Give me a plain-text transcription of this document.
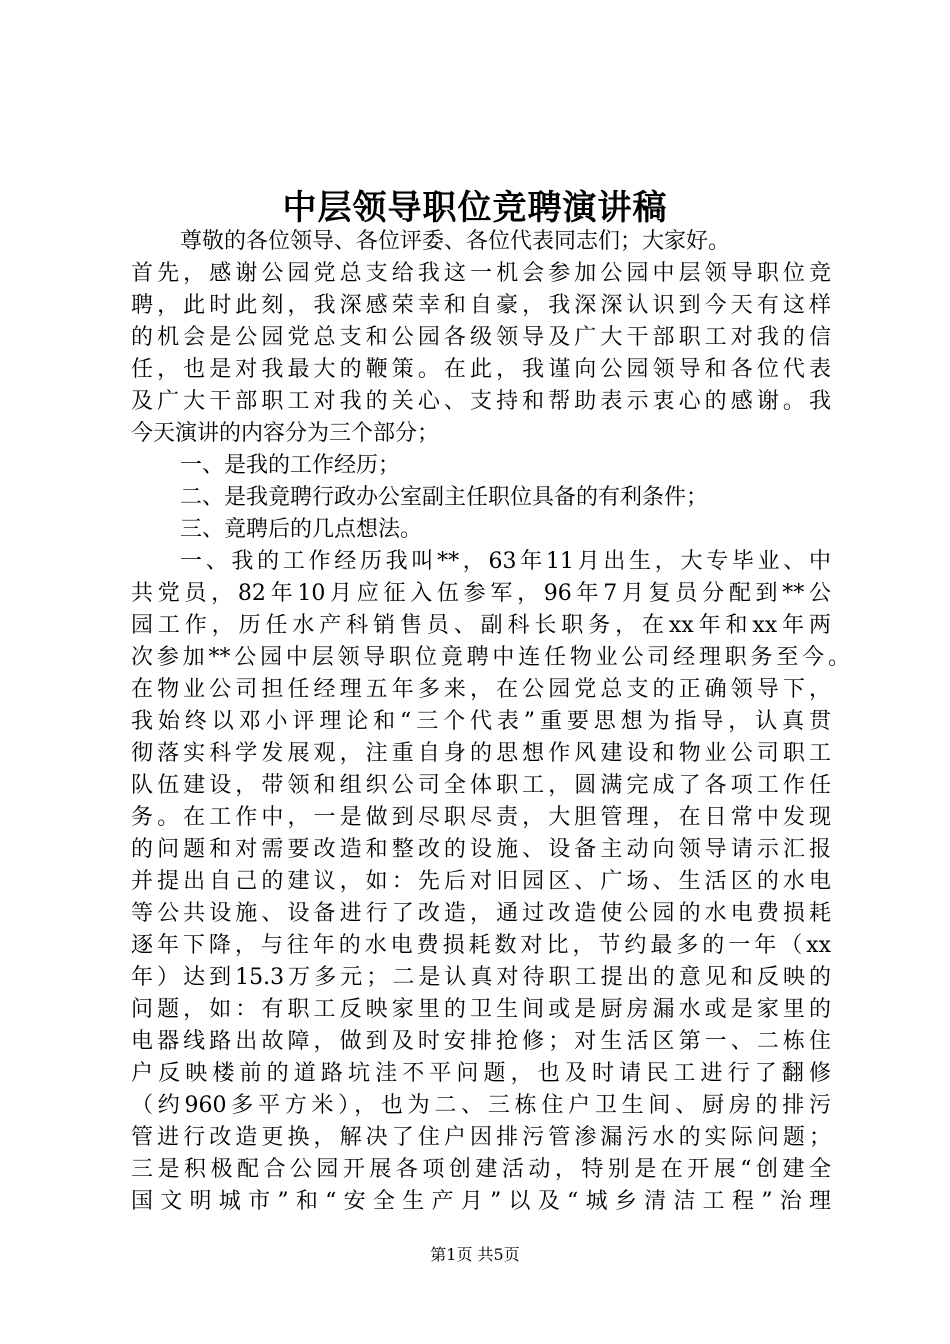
中层领导职位竞聘演讲稿
尊敬的各位领导、各位评委、各位代表同志们；大家好。
首先，感谢公园党总支给我这一机会参加公园中层领导职位竞
聘，此时此刻，我深感荣幸和自豪，我深深认识到今天有这样
的机会是公园党总支和公园各级领导及广大干部职工对我的信
任，也是对我最大的鞭策。在此，我谨向公园领导和各位代表
及广大干部职工对我的关心、支持和帮助表示衷心的感谢。我
今天演讲的内容分为三个部分；
一、是我的工作经历；
二、是我竟聘行政办公室副主任职位具备的有利条件；
三、竟聘后的几点想法。
一、我的工作经历我叫**，63年11月出生，大专毕业、中
共党员，82年10月应征入伍参军，96年7月复员分配到**公
园工作，历任水产科销售员、副科长职务，在xx年和xx年两
次参加**公园中层领导职位竟聘中连任物业公司经理职务至今。
在物业公司担任经理五年多来，在公园党总支的正确领导下，
我始终以邓小评理论和“三个代表”重要思想为指导，认真贯
彻落实科学发展观，注重自身的思想作风建设和物业公司职工
队伍建设，带领和组织公司全体职工，圆满完成了各项工作任
务。在工作中，一是做到尽职尽责，大胆管理，在日常中发现
的问题和对需要改造和整改的设施、设备主动向领导请示汇报
并提出自己的建议，如：先后对旧园区、广场、生活区的水电
等公共设施、设备进行了改造，通过改造使公园的水电费损耗
逐年下降，与往年的水电费损耗数对比，节约最多的一年（xx
年）达到15.3万多元；二是认真对待职工提出的意见和反映的
问题，如：有职工反映家里的卫生间或是厨房漏水或是家里的
电器线路出故障，做到及时安排抢修；对生活区第一、二栋住
户反映楼前的道路坑洼不平问题，也及时请民工进行了翻修
（约960多平方米），也为二、三栋住户卫生间、厨房的排污
管进行改造更换，解决了住户因排污管渗漏污水的实际问题；
三是积极配合公园开展各项创建活动，特别是在开展“创建全
国文明城市”和“安全生产月”以及“城乡清洁工程”治理
第1页 共5页
